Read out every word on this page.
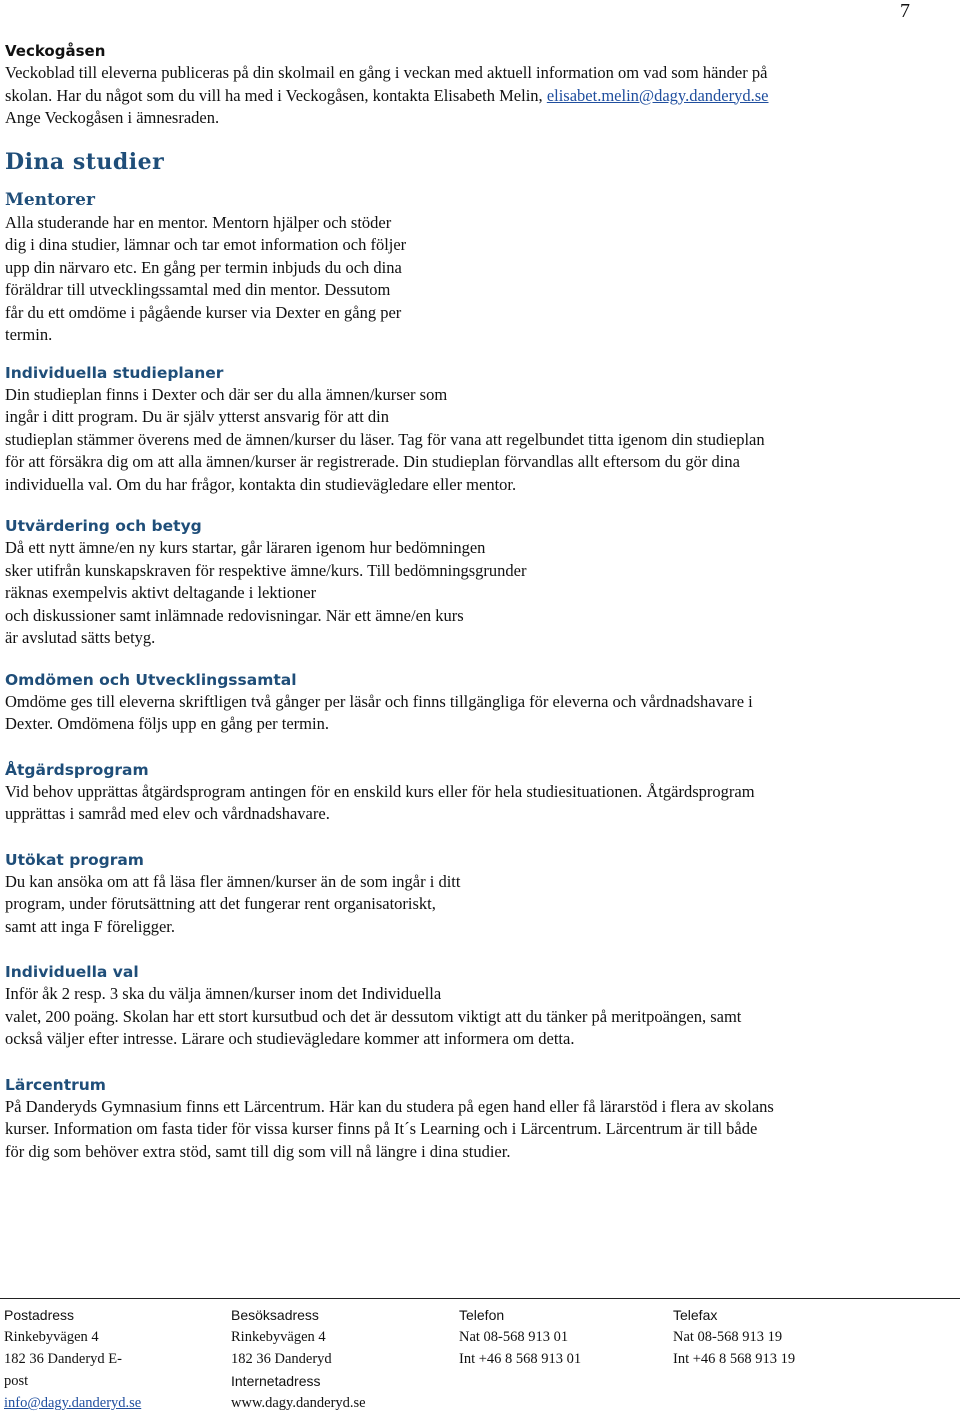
7

Veckogåsen

Veckoblad till eleverna publiceras på din skolmail en gång i veckan med aktuell information om vad som händer på
skolan. Har du något som du vill ha med i Veckogåsen, kontakta Elisabeth Melin, elisabet.melin@dagy.danderyd.se
Ange Veckogåsen i ämnesraden.

Dina studier

Mentorer

Alla studerande har en mentor. Mentorn hjälper och stöder
dig i dina studier, lämnar och tar emot information och följer
upp din närvaro etc. En gång per termin inbjuds du och dina
föräldrar till utvecklingssamtal med din mentor. Dessutom
får du ett omdöme i pågående kurser via Dexter en gång per
termin.

Individuella studieplaner

Din studieplan finns i Dexter och där ser du alla ämnen/kurser som
ingår i ditt program. Du är själv ytterst ansvarig för att din
studieplan stämmer överens med de ämnen/kurser du läser. Tag för vana att regelbundet titta igenom din studieplan
för att försäkra dig om att alla ämnen/kurser är registrerade. Din studieplan förvandlas allt eftersom du gör dina
individuella val. Om du har frågor, kontakta din studievägledare eller mentor.

Utvärdering och betyg

Då ett nytt ämne/en ny kurs startar, går läraren igenom hur bedömningen
sker utifrån kunskapskraven för respektive ämne/kurs. Till bedömningsgrunder
räknas exempelvis aktivt deltagande i lektioner
och diskussioner samt inlämnade redovisningar. När ett ämne/en kurs
är avslutad sätts betyg.

Omdömen och Utvecklingssamtal

Omdöme ges till eleverna skriftligen två gånger per läsår och finns tillgängliga för eleverna och vårdnadshavare i
Dexter. Omdömena följs upp en gång per termin.

Åtgärdsprogram

Vid behov upprättas åtgärdsprogram antingen för en enskild kurs eller för hela studiesituationen. Åtgärdsprogram
upprättas i samråd med elev och vårdnadshavare.

Utökat program

Du kan ansöka om att få läsa fler ämnen/kurser än de som ingår i ditt
program, under förutsättning att det fungerar rent organisatoriskt,
samt att inga F föreligger.

Individuella val

Inför åk 2 resp. 3 ska du välja ämnen/kurser inom det Individuella
valet, 200 poäng. Skolan har ett stort kursutbud och det är dessutom viktigt att du tänker på meritpoängen, samt
också väljer efter intresse. Lärare och studievägledare kommer att informera om detta.

Lärcentrum

På Danderyds Gymnasium finns ett Lärcentrum. Här kan du studera på egen hand eller få lärarstöd i flera av skolans
kurser. Information om fasta tider för vissa kurser finns på It´s Learning och i Lärcentrum. Lärcentrum är till både
för dig som behöver extra stöd, samt till dig som vill nå längre i dina studier.

Postadress
Rinkebyvägen 4
182 36 Danderyd E-
post
info@dagy.danderyd.se
Besöksadress
Rinkebyvägen 4
182 36 Danderyd
Internetadress
www.dagy.danderyd.se
Telefon
Nat 08-568 913 01
Int +46 8 568 913 01
Telefax
Nat 08-568 913 19
Int +46 8 568 913 19
